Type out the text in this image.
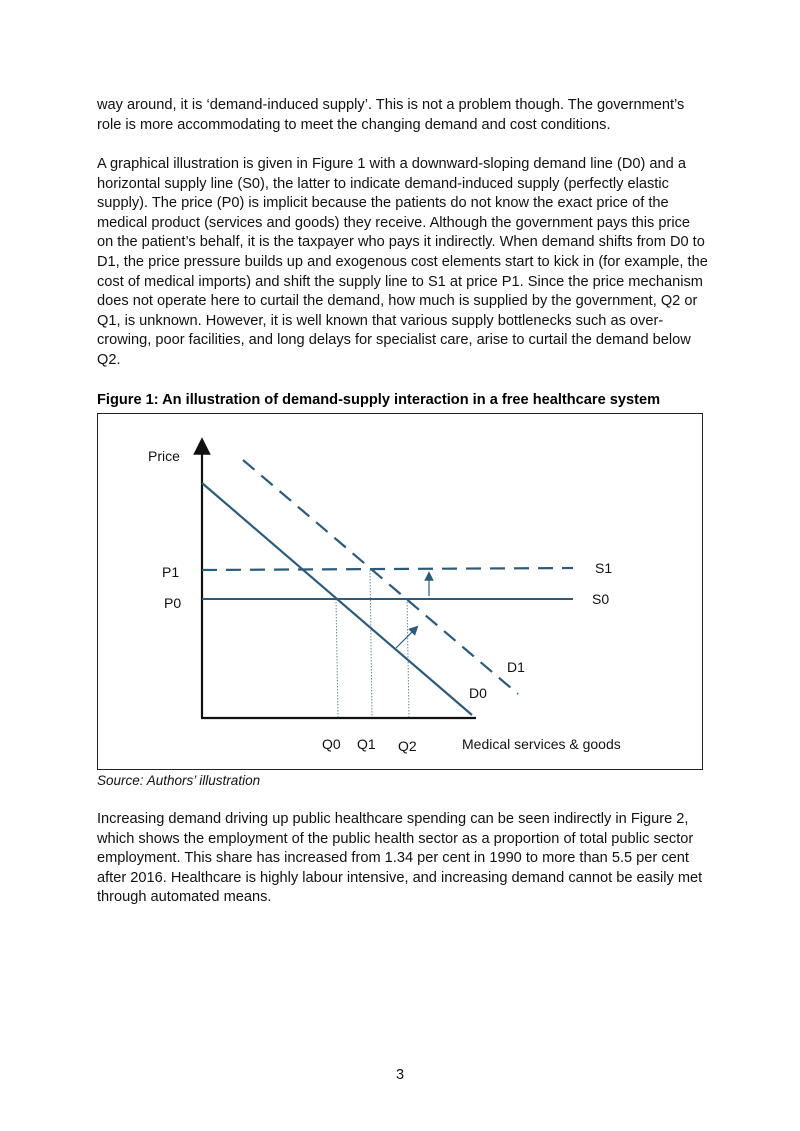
way around, it is ‘demand-induced supply’. This is not a problem though. The government’s role is more accommodating to meet the changing demand and cost conditions.

A graphical illustration is given in Figure 1 with a downward-sloping demand line (D0) and a horizontal supply line (S0), the latter to indicate demand-induced supply (perfectly elastic supply). The price (P0) is implicit because the patients do not know the exact price of the medical product (services and goods) they receive. Although the government pays this price on the patient’s behalf, it is the taxpayer who pays it indirectly. When demand shifts from D0 to D1, the price pressure builds up and exogenous cost elements start to kick in (for example, the cost of medical imports) and shift the supply line to S1 at price P1. Since the price mechanism does not operate here to curtail the demand, how much is supplied by the government, Q2 or Q1, is unknown. However, it is well known that various supply bottlenecks such as over-crowing, poor facilities, and long delays for specialist care, arise to curtail the demand below Q2.

Figure 1: An illustration of demand-supply interaction in a free healthcare system

Price
P1
P0
S1
S0
D1
D0
Q0 Q1 Q2	Medical services & goods

Source: Authors’ illustration

Increasing demand driving up public healthcare spending can be seen indirectly in Figure 2, which shows the employment of the public health sector as a proportion of total public sector employment. This share has increased from 1.34 per cent in 1990 to more than 5.5 per cent after 2016. Healthcare is highly labour intensive, and increasing demand cannot be easily met through automated means.

3
